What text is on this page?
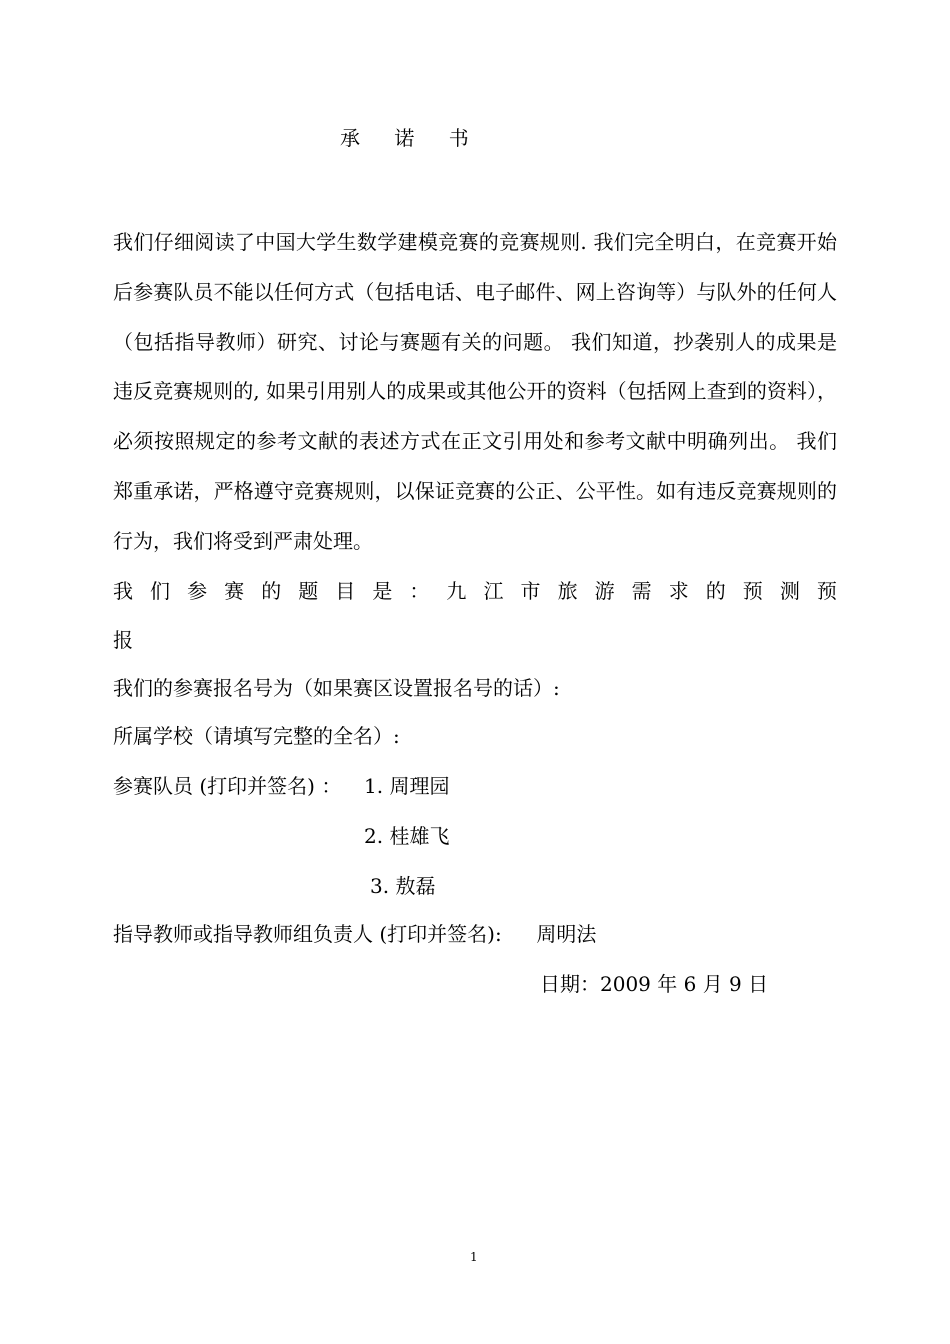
承 诺 书
我们仔细阅读了中国大学生数学建模竞赛的竞赛规则. 我们完全明白，在竞赛开始后参赛队员不能以任何方式（包括电话、电子邮件、网上咨询等）与队外的任何人（包括指导教师）研究、讨论与赛题有关的问题。 我们知道，抄袭别人的成果是违反竞赛规则的, 如果引用别人的成果或其他公开的资料（包括网上查到的资料），必须按照规定的参考文献的表述方式在正文引用处和参考文献中明确列出。 我们郑重承诺，严格遵守竞赛规则，以保证竞赛的公正、公平性。如有违反竞赛规则的行为，我们将受到严肃处理。
我 们 参 赛 的 题 目 是 ： 九 江 市 旅 游 需 求 的 预 测 预
报
我们的参赛报名号为（如果赛区设置报名号的话）:
所属学校（请填写完整的全名）:
参赛队员 (打印并签名) ： 1. 周理园
2. 桂雄飞
3. 敖磊
指导教师或指导教师组负责人 (打印并签名): 周明法
日期：2009 年 6 月 9 日
1
